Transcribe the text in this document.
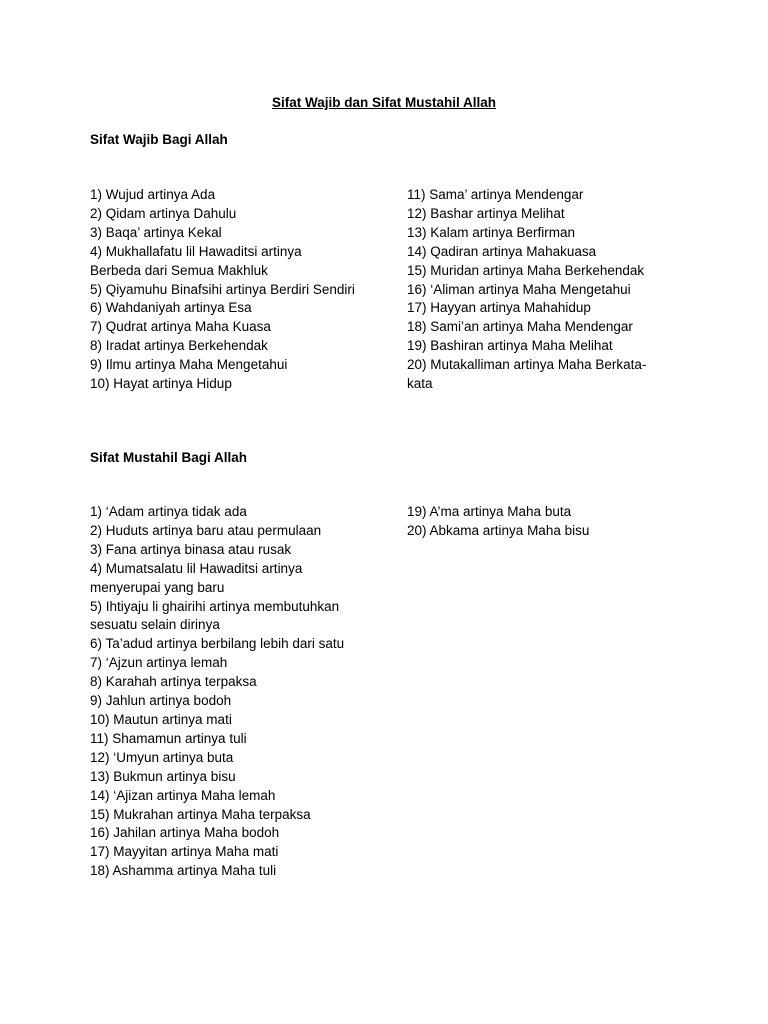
Sifat Wajib dan Sifat Mustahil Allah
Sifat Wajib Bagi Allah
1) Wujud artinya Ada
2) Qidam artinya Dahulu
3) Baqa’ artinya Kekal
4) Mukhallafatu lil Hawaditsi artinya
Berbeda dari Semua Makhluk
5) Qiyamuhu Binafsihi artinya Berdiri Sendiri
6) Wahdaniyah artinya Esa
7) Qudrat artinya Maha Kuasa
8) Iradat artinya Berkehendak
9) Ilmu artinya Maha Mengetahui
10) Hayat artinya Hidup
11) Sama’ artinya Mendengar
12) Bashar artinya Melihat
13) Kalam artinya Berfirman
14) Qadiran artinya Mahakuasa
15) Muridan artinya Maha Berkehendak
16) ‘Aliman artinya Maha Mengetahui
17) Hayyan artinya Mahahidup
18) Sami’an artinya Maha Mendengar
19) Bashiran artinya Maha Melihat
20) Mutakalliman artinya Maha Berkata-
kata
Sifat Mustahil Bagi Allah
1) ‘Adam artinya tidak ada
2) Huduts artinya baru atau permulaan
3) Fana artinya binasa atau rusak
4) Mumatsalatu lil Hawaditsi artinya
menyerupai yang baru
5) Ihtiyaju li ghairihi artinya membutuhkan
sesuatu selain dirinya
6) Ta’adud artinya berbilang lebih dari satu
7) ‘Ajzun artinya lemah
8) Karahah artinya terpaksa
9) Jahlun artinya bodoh
10) Mautun artinya mati
11) Shamamun artinya tuli
12) ‘Umyun artinya buta
13) Bukmun artinya bisu
14) ‘Ajizan artinya Maha lemah
15) Mukrahan artinya Maha terpaksa
16) Jahilan artinya Maha bodoh
17) Mayyitan artinya Maha mati
18) Ashamma artinya Maha tuli
19) A’ma artinya Maha buta
20) Abkama artinya Maha bisu
